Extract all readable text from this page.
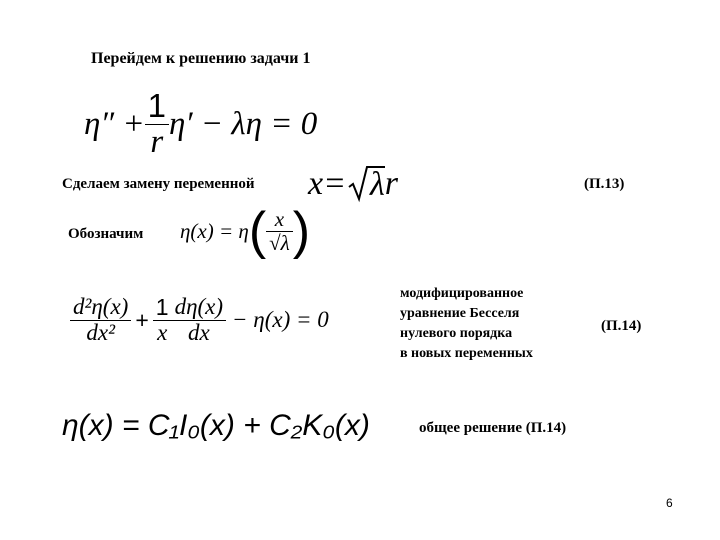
Перейдем к решению задачи 1
$\eta'' + \frac{1}{r} \eta' - \lambda\eta = 0$
Сделаем замену переменной x= λ r	(П.13)
Обозначим η(x) = η ( $\frac{x}{√\lambda}$ )
$\frac{\text{d²η(x)}}{\text{dx²}} + \frac{1}{x} \frac{d\eta(x)}{dx} - \eta(x) = 0$
модифицированное
уравнение Бесселя
нулевого порядка
в новых переменных
(П.14)
η(x) = C₁I₀(x) + C₂K₀(x)	общее решение (П.14)
6
